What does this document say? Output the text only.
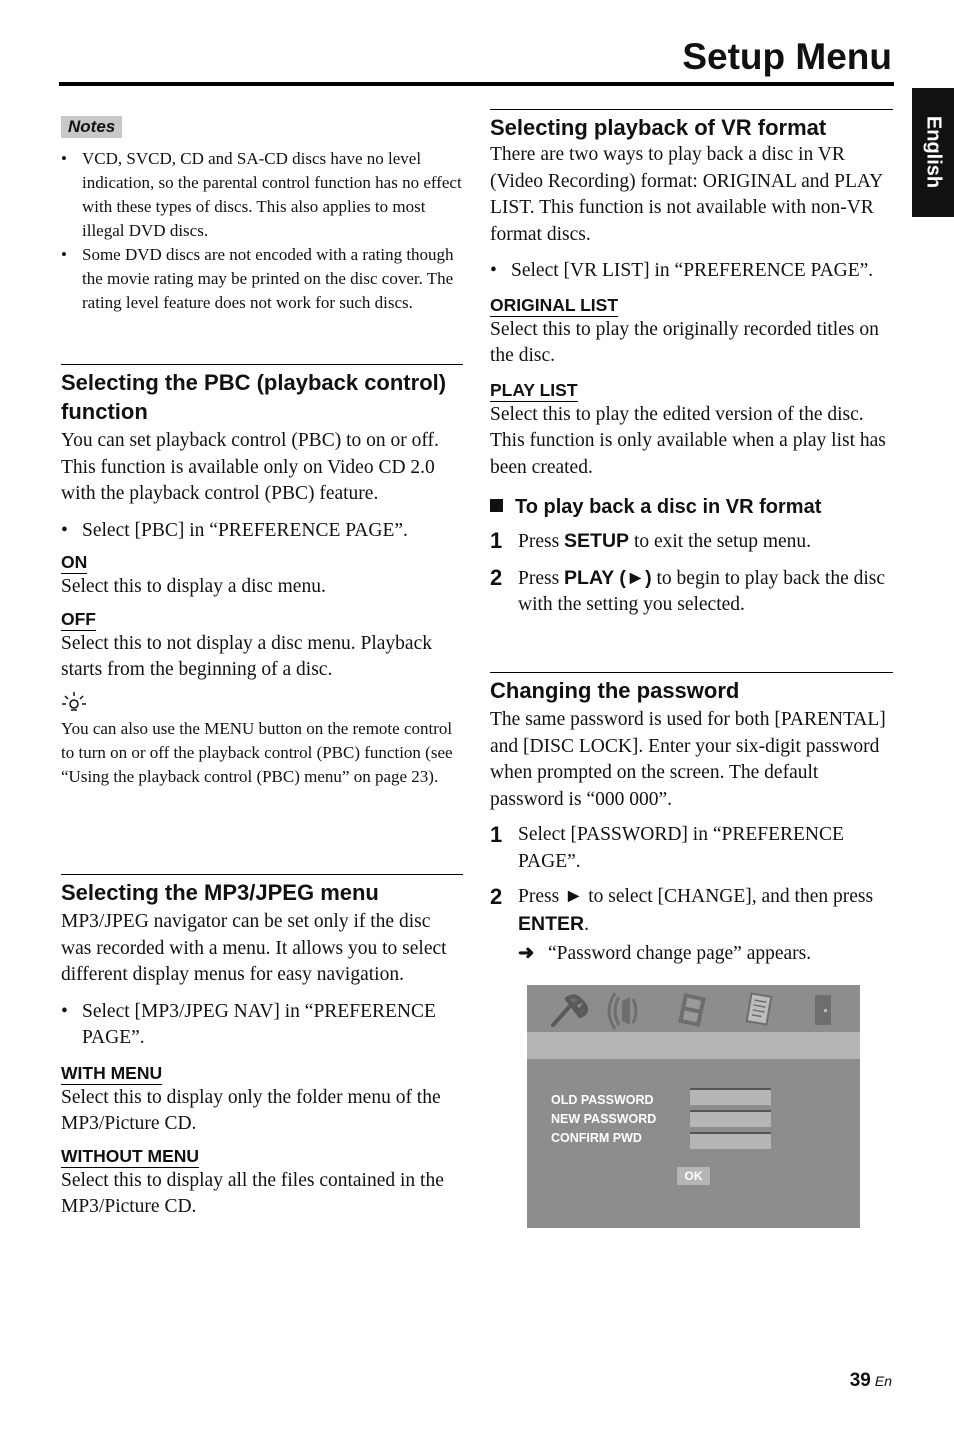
Setup Menu
English
Notes
• VCD, SVCD, CD and SA-CD discs have no level indication, so the parental control function has no effect with these types of discs. This also applies to most illegal DVD discs.
• Some DVD discs are not encoded with a rating though the movie rating may be printed on the disc cover. The rating level feature does not work for such discs.
Selecting the PBC (playback control) function

You can set playback control (PBC) to on or off. This function is available only on Video CD 2.0 with the playback control (PBC) feature.

• Select [PBC] in “PREFERENCE PAGE”.
ON

Select this to display a disc menu.

OFF

Select this to not display a disc menu. Playback starts from the beginning of a disc.

You can also use the MENU button on the remote control to turn on or off the playback control (PBC) function (see “Using the playback control (PBC) menu” on page 23).

Selecting the MP3/JPEG menu

MP3/JPEG navigator can be set only if the disc was recorded with a menu. It allows you to select different display menus for easy navigation.

• Select [MP3/JPEG NAV] in “PREFERENCE PAGE”.
WITH MENU

Select this to display only the folder menu of the MP3/Picture CD.

WITHOUT MENU

Select this to display all the files contained in the MP3/Picture CD.

Selecting playback of VR format

There are two ways to play back a disc in VR (Video Recording) format: ORIGINAL and PLAY LIST. This function is not available with non-VR format discs.

• Select [VR LIST] in “PREFERENCE PAGE”.
ORIGINAL LIST

Select this to play the originally recorded titles on the disc.

PLAY LIST

Select this to play the edited version of the disc. This function is only available when a play list has been created.

To play back a disc in VR format
1 Press SETUP to exit the setup menu.
2 Press PLAY (►) to begin to play back the disc with the setting you selected.
Changing the password

The same password is used for both [PARENTAL] and [DISC LOCK]. Enter your six-digit password when prompted on the screen. The default password is “000 000”.

1 Select [PASSWORD] in “PREFERENCE PAGE”.
2 Press ► to select [CHANGE], and then press ENTER.
➜ “Password change page” appears.
OLD PASSWORD
NEW PASSWORD
CONFIRM PWD
OK
39 En
